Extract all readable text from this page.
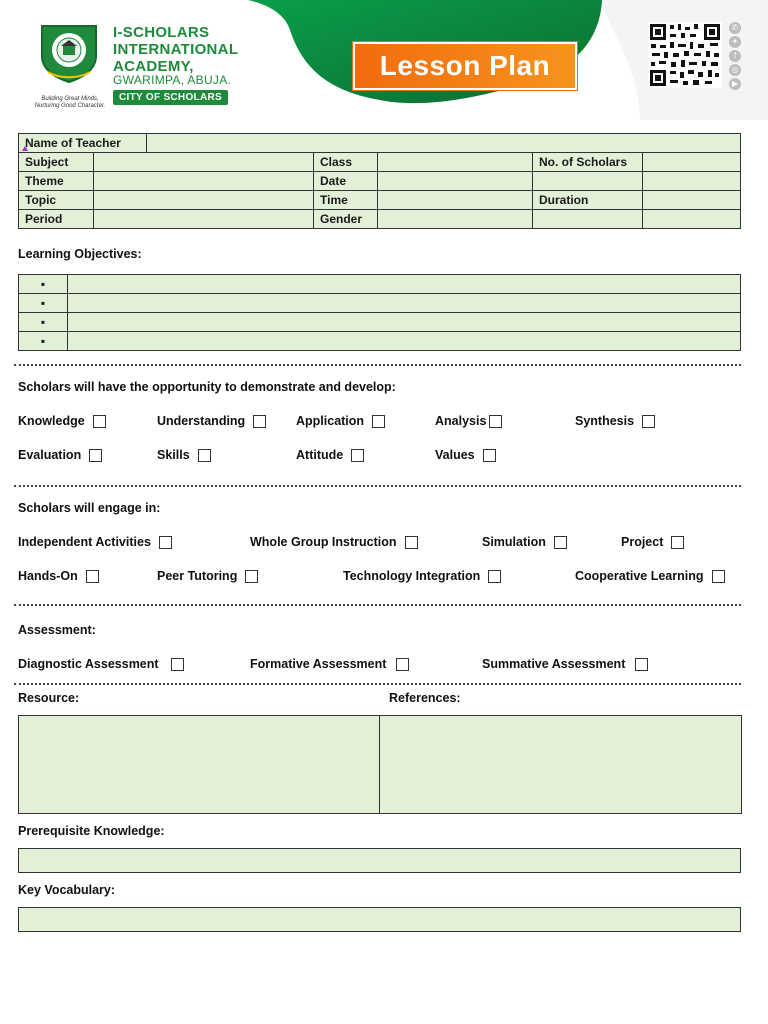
I-SCHOLARS
INTERNATIONAL
ACADEMY,
GWARIMPA, ABUJA.
CITY OF SCHOLARS
Building Great Minds,
Nurturing Good Character.
Lesson Plan
✆
✦
f
◎
▶
Name of Teacher

Subject		Class		No. of Scholars	
Theme		Date			
Topic		Time		Duration	
Period		Gender			
Learning Objectives:
▪	
▪	
▪	
▪	
Scholars will have the opportunity to demonstrate and develop:
Knowledge	Understanding	Application	Analysis	Synthesis
Evaluation	Skills	Attitude	Values
Scholars will engage in:
Independent Activities	Whole Group Instruction	Simulation	Project
Hands-On	Peer Tutoring	Technology Integration	Cooperative Learning
Assessment:
Diagnostic Assessment	Formative Assessment	Summative Assessment
Resource:	References:
Prerequisite Knowledge:
Key Vocabulary:
